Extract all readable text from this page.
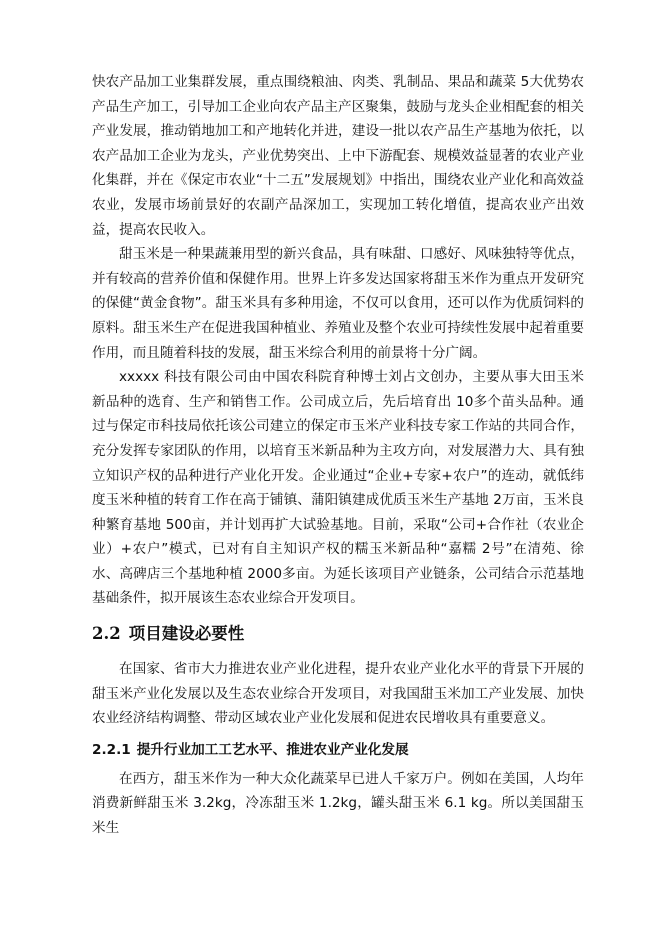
快农产品加工业集群发展，重点围绕粮油、肉类、乳制品、果品和蔬菜 5大优势农产品生产加工，引导加工企业向农产品主产区聚集，鼓励与龙头企业相配套的相关产业发展，推动销地加工和产地转化并进，建设一批以农产品生产基地为依托，以农产品加工企业为龙头，产业优势突出、上中下游配套、规模效益显著的农业产业化集群，并在《保定市农业“十二五”发展规划》中指出，围绕农业产业化和高效益农业，发展市场前景好的农副产品深加工，实现加工转化增值，提高农业产出效益，提高农民收入。

甜玉米是一种果蔬兼用型的新兴食品，具有味甜、口感好、风味独特等优点，并有较高的营养价值和保健作用。世界上许多发达国家将甜玉米作为重点开发研究的保健“黄金食物”。甜玉米具有多种用途，不仅可以食用，还可以作为优质饲料的原料。甜玉米生产在促进我国种植业、养殖业及整个农业可持续性发展中起着重要作用，而且随着科技的发展，甜玉米综合利用的前景将十分广阔。

xxxxx 科技有限公司由中国农科院育种博士刘占文创办，主要从事大田玉米新品种的选育、生产和销售工作。公司成立后，先后培育出 10多个苗头品种。通过与保定市科技局依托该公司建立的保定市玉米产业科技专家工作站的共同合作，充分发挥专家团队的作用，以培育玉米新品种为主攻方向，对发展潜力大、具有独立知识产权的品种进行产业化开发。企业通过“企业+专家+农户”的连动，就低纬度玉米种植的转育工作在高于铺镇、蒲阳镇建成优质玉米生产基地 2万亩，玉米良种繁育基地 500亩，并计划再扩大试验基地。目前，采取“公司+合作社（农业企业）+农户”模式，已对有自主知识产权的糯玉米新品种“嘉糯 2号”在清苑、徐水、高碑店三个基地种植 2000多亩。为延长该项目产业链条，公司结合示范基地基础条件，拟开展该生态农业综合开发项目。

2.2 项目建设必要性

在国家、省市大力推进农业产业化进程，提升农业产业化水平的背景下开展的甜玉米产业化发展以及生态农业综合开发项目，对我国甜玉米加工产业发展、加快农业经济结构调整、带动区域农业产业化发展和促进农民增收具有重要意义。

2.2.1 提升行业加工工艺水平、推进农业产业化发展

在西方，甜玉米作为一种大众化蔬菜早已进人千家万户。例如在美国，人均年消费新鲜甜玉米 3.2kg，冷冻甜玉米 1.2kg，罐头甜玉米 6.1 kg。所以美国甜玉米生
